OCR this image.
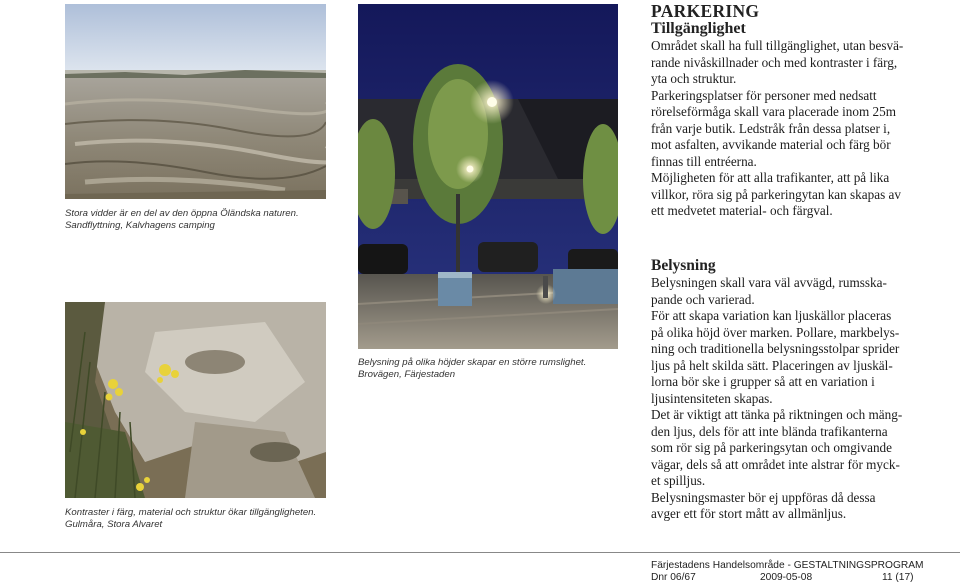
Stora vidder är en del av den öppna Öländska naturen.
Sandflyttning, Kalvhagens camping
Belysning på olika höjder skapar en större rumslighet.
Brovägen, Färjestaden
Kontraster i färg, material och struktur ökar tillgängligheten.
Gulmåra, Stora Alvaret
PARKERING
Tillgänglighet

Området skall ha full tillgänglighet, utan besvä-
rande nivåskillnader och med kontraster i färg,
yta och struktur.

Parkeringsplatser för personer med nedsatt
rörelseförmåga skall vara placerade inom 25m
från varje butik. Ledstråk från dessa platser i,
mot asfalten, avvikande material och färg bör
finnas till entréerna.

Möjligheten för att alla trafikanter, att på lika
villkor, röra sig på parkeringytan kan skapas av
ett medvetet material- och färgval.

Belysning

Belysningen skall vara väl avvägd, rumsska-
pande och varierad.

För att skapa variation kan ljuskällor placeras
på olika höjd över marken. Pollare, markbelys-
ning och traditionella belysningsstolpar sprider
ljus på helt skilda sätt. Placeringen av ljuskäl-
lorna bör ske i grupper så att en variation i
ljusintensiteten skapas.

Det är viktigt att tänka på riktningen och mäng-
den ljus, dels för att inte blända trafikanterna
som rör sig på parkeringsytan och omgivande
vägar, dels så att området inte alstrar för myck-
et spilljus.

Belysningsmaster bör ej uppföras då dessa
avger ett för stort mått av allmänljus.

Färjestadens Handelsområde - GESTALTNINGSPROGRAM
Dnr 06/67	2009-05-08	11 (17)
